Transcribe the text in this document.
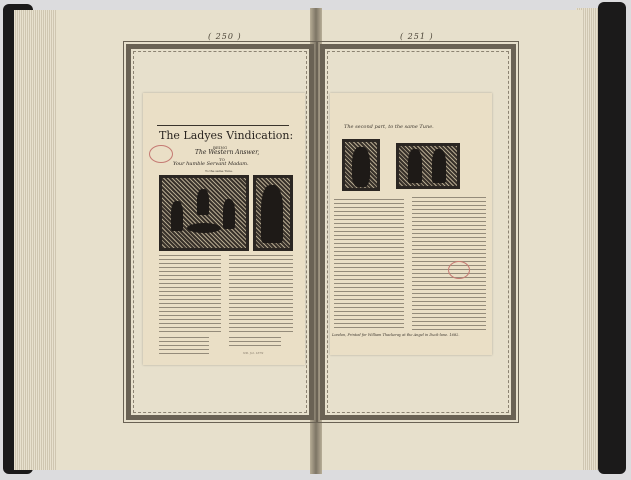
( 250 )	( 251 )
The Ladyes Vindication:
BEING
The Western Answer,
TO
Your humble Servant Madam.
To the same Tune.
ND. fol. 1679
The second part, to the same Tune.
London, Printed for William Thackeray at the Angel in Duck-lane. 1682.
